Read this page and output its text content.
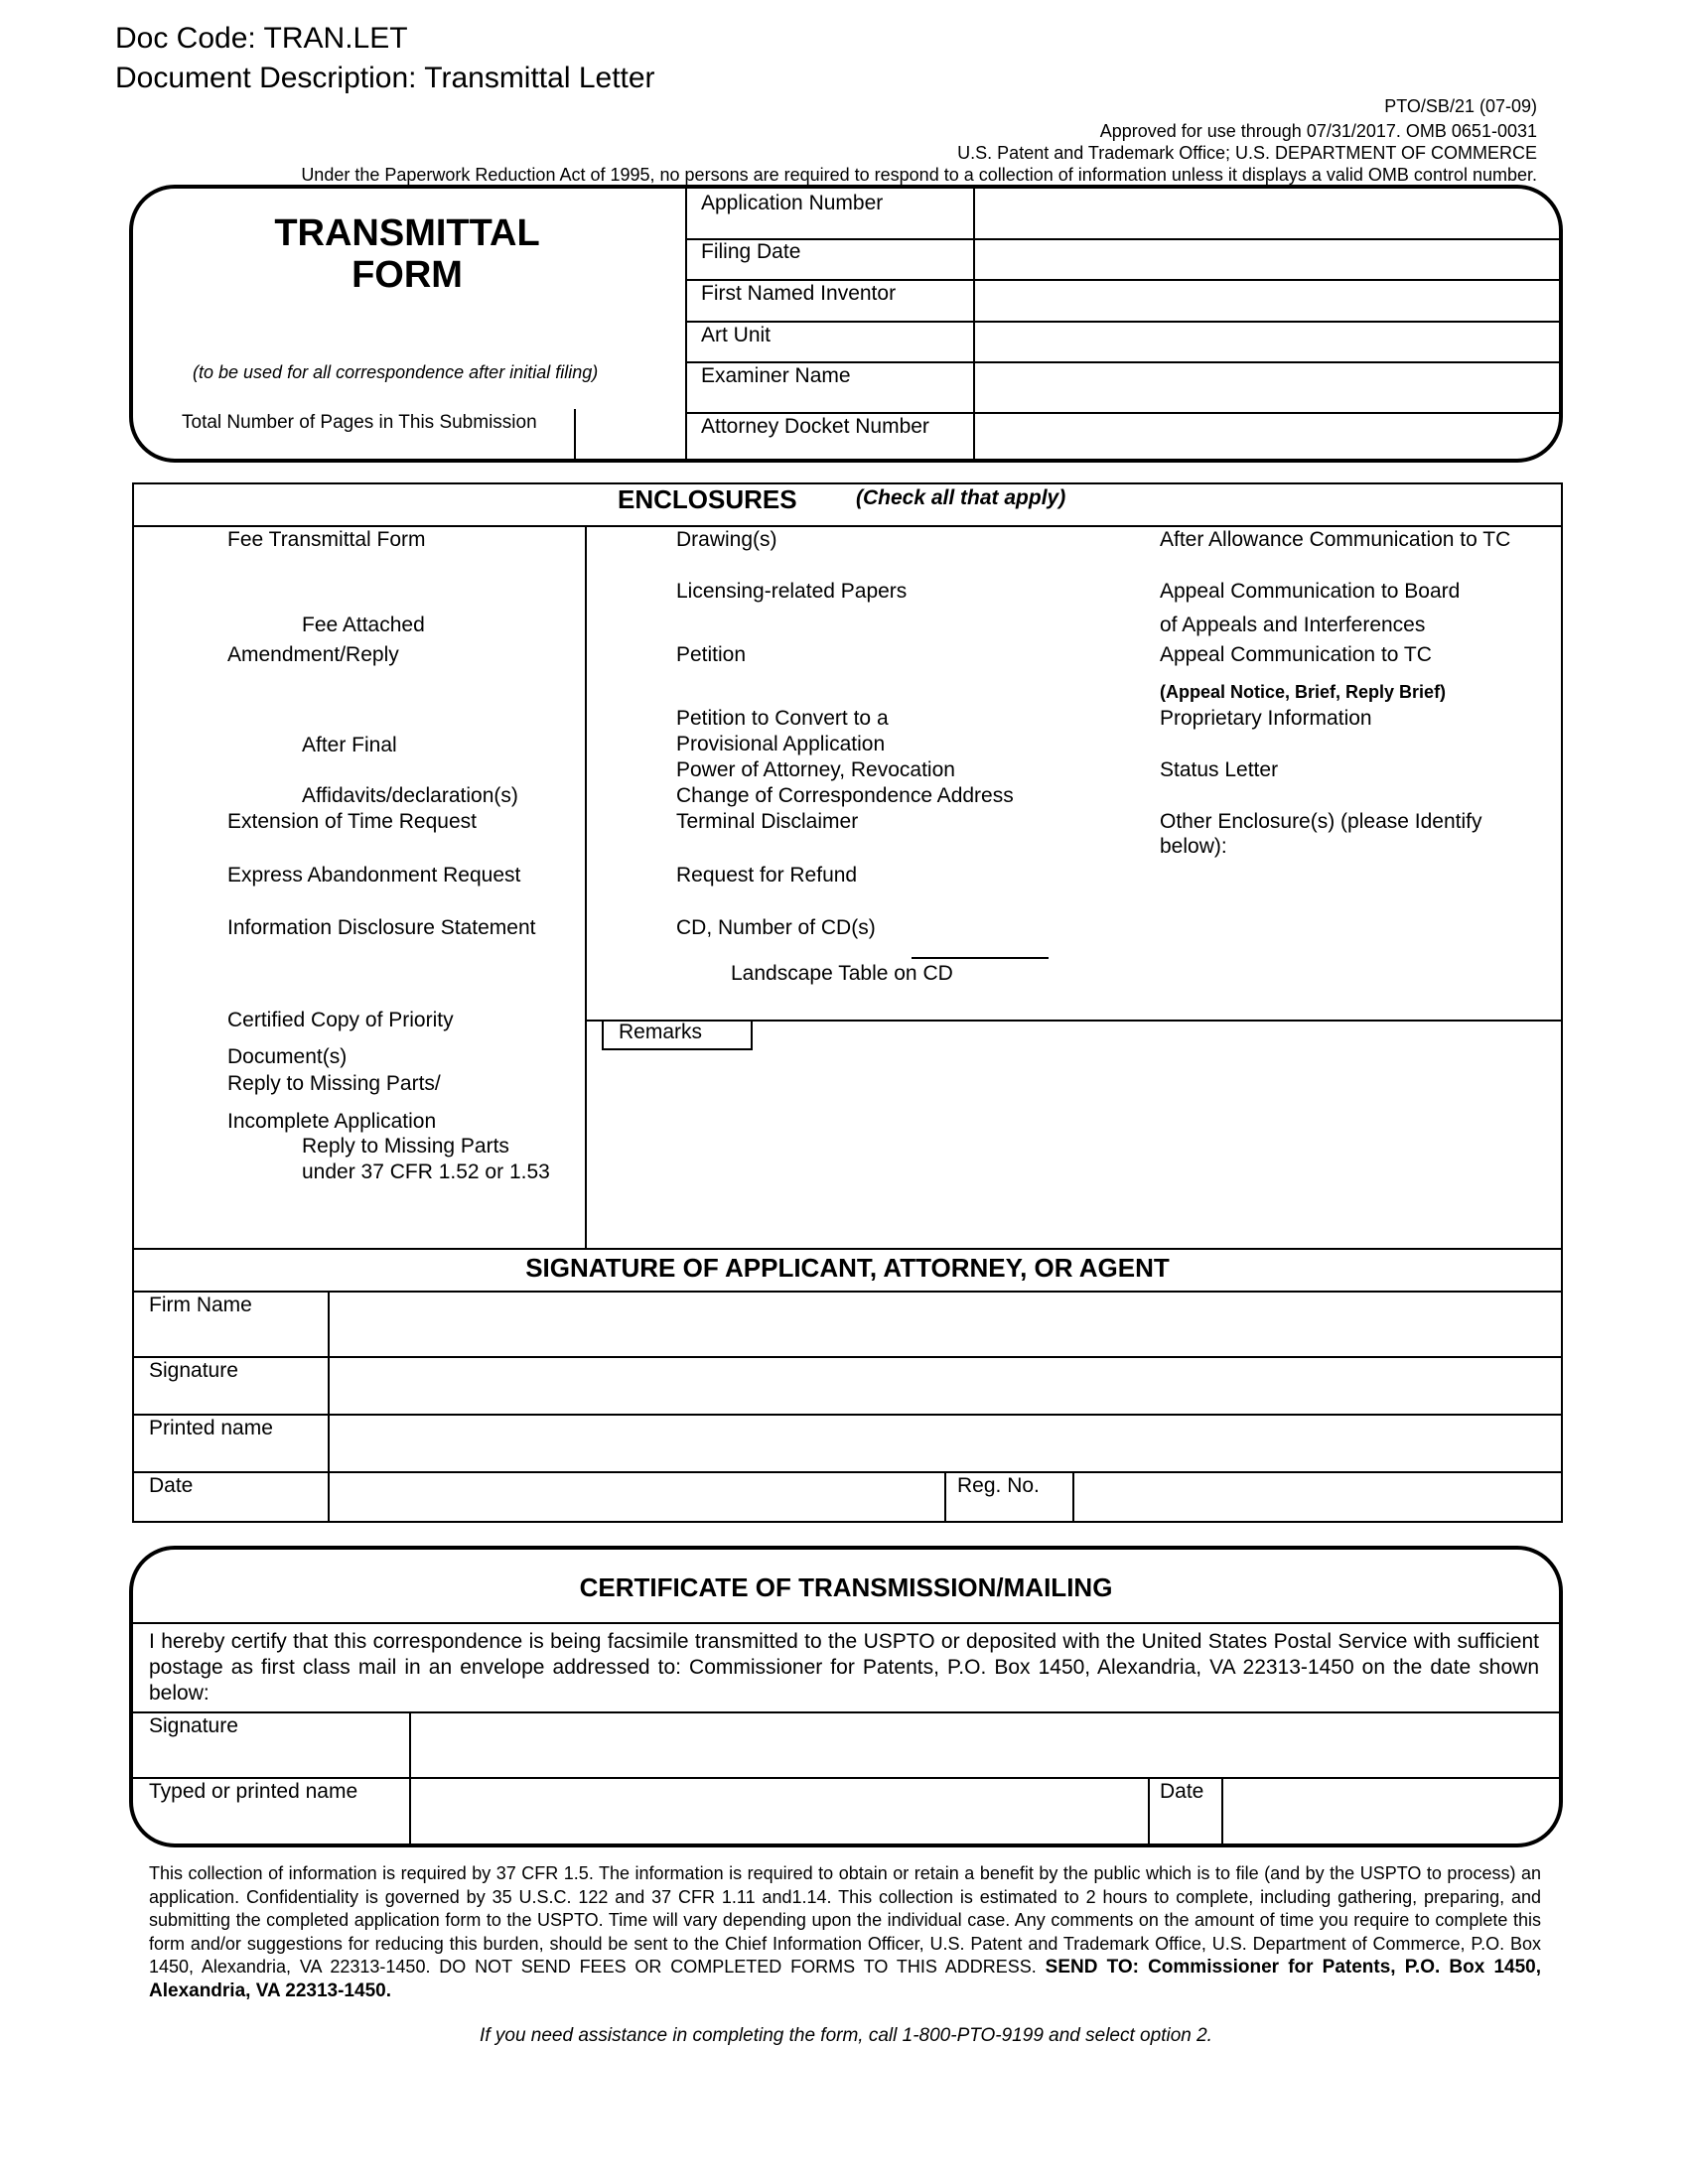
Doc Code: TRAN.LET
Document Description: Transmittal Letter
PTO/SB/21 (07-09)
Approved for use through 07/31/2017. OMB 0651-0031
U.S. Patent and Trademark Office; U.S. DEPARTMENT OF COMMERCE
Under the Paperwork Reduction Act of 1995, no persons are required to respond to a collection of information unless it displays a valid OMB control number.
TRANSMITTAL
FORM
(to be used for all correspondence after initial filing)
Total Number of Pages in This Submission
Application Number
Filing Date
First Named Inventor
Art Unit
Examiner Name
Attorney Docket Number
ENCLOSURES	(Check all that apply)
Fee Transmittal Form
Fee Attached
Amendment/Reply
After Final
Affidavits/declaration(s)
Extension of Time Request
Express Abandonment Request
Information Disclosure Statement
Certified Copy of Priority
Document(s)
Reply to Missing Parts/
Incomplete Application
Reply to Missing Parts
under 37 CFR 1.52 or 1.53
Drawing(s)
Licensing-related Papers
Petition
Petition to Convert to a
Provisional Application
Power of Attorney, Revocation
Change of Correspondence Address
Terminal Disclaimer
Request for Refund
CD, Number of CD(s)
Landscape Table on CD
After Allowance Communication to TC
Appeal Communication to Board
of Appeals and Interferences
Appeal Communication to TC
(Appeal Notice, Brief, Reply Brief)
Proprietary Information
Status Letter
Other Enclosure(s) (please Identify
below):
Remarks
SIGNATURE OF APPLICANT, ATTORNEY, OR AGENT
Firm Name
Signature
Printed name
Date	Reg. No.
CERTIFICATE OF TRANSMISSION/MAILING
I hereby certify that this correspondence is being facsimile transmitted to the USPTO or deposited with the United States Postal Service with sufficient postage as first class mail in an envelope addressed to: Commissioner for Patents, P.O. Box 1450, Alexandria, VA 22313-1450 on the date shown below:
Signature
Typed or printed name	Date
This collection of information is required by 37 CFR 1.5. The information is required to obtain or retain a benefit by the public which is to file (and by the USPTO to process) an application. Confidentiality is governed by 35 U.S.C. 122 and 37 CFR 1.11 and1.14. This collection is estimated to 2 hours to complete, including gathering, preparing, and submitting the completed application form to the USPTO. Time will vary depending upon the individual case. Any comments on the amount of time you require to complete this form and/or suggestions for reducing this burden, should be sent to the Chief Information Officer, U.S. Patent and Trademark Office, U.S. Department of Commerce, P.O. Box 1450, Alexandria, VA 22313-1450. DO NOT SEND FEES OR COMPLETED FORMS TO THIS ADDRESS. SEND TO: Commissioner for Patents, P.O. Box 1450, Alexandria, VA 22313-1450.
If you need assistance in completing the form, call 1-800-PTO-9199 and select option 2.
